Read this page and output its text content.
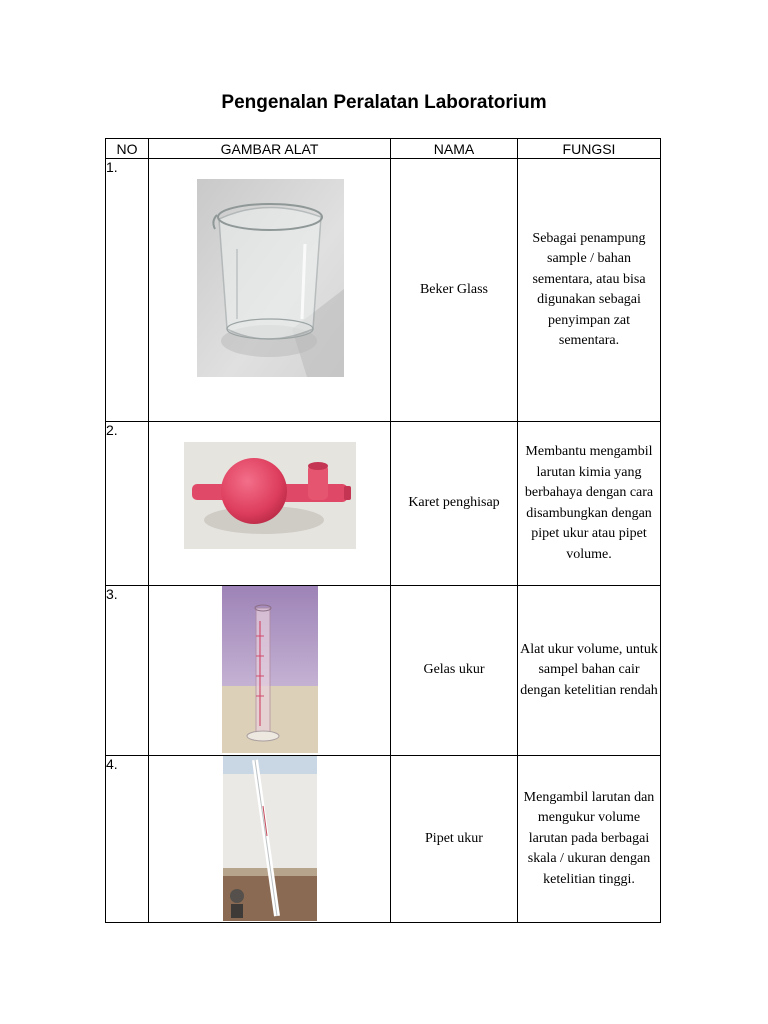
Pengenalan Peralatan Laboratorium
NO	GAMBAR ALAT	NAMA	FUNGSI
1.		Beker Glass	Sebagai penampung sample / bahan sementara, atau bisa digunakan sebagai penyimpan zat sementara.
2.		Karet penghisap	Membantu mengambil larutan kimia yang berbahaya dengan cara disambungkan dengan pipet ukur atau pipet volume.
3.		Gelas ukur	Alat ukur volume, untuk sampel bahan cair dengan ketelitian rendah
4.		Pipet ukur	Mengambil larutan dan mengukur volume larutan pada berbagai skala / ukuran dengan ketelitian tinggi.
